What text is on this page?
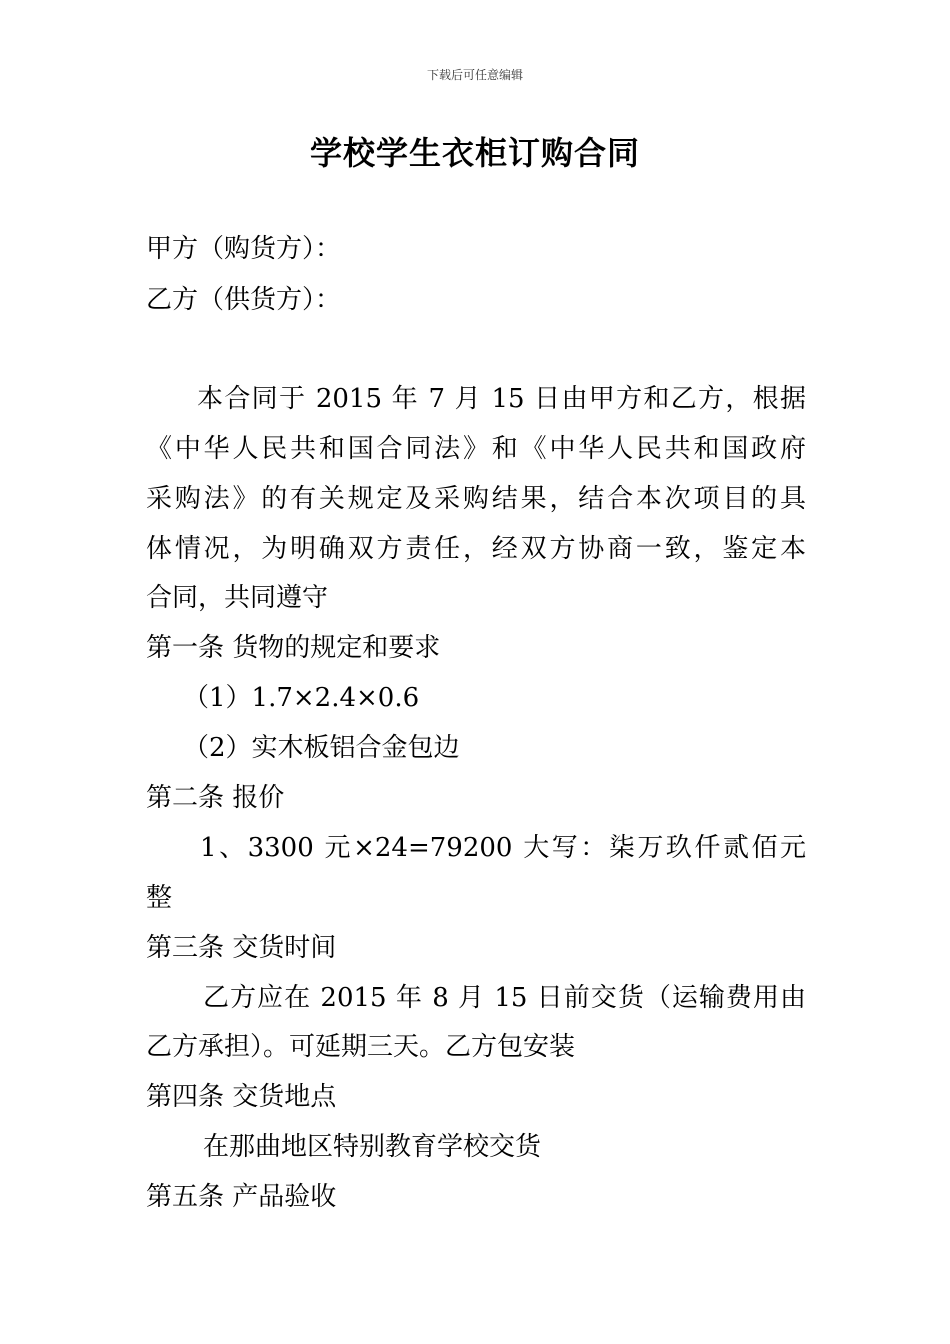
下载后可任意编辑
学校学生衣柜订购合同
甲方（购货方）：
乙方（供货方）：
本合同于 2015 年 7 月 15 日由甲方和乙方，根据
《中华人民共和国合同法》和《中华人民共和国政府
采购法》的有关规定及采购结果，结合本次项目的具
体情况，为明确双方责任，经双方协商一致，鉴定本
合同，共同遵守
第一条 货物的规定和要求
（1）1.7×2.4×0.6
（2）实木板铝合金包边
第二条 报价
1、3300 元×24=79200 大写：柒万玖仟贰佰元
整
第三条 交货时间
乙方应在 2015 年 8 月 15 日前交货（运输费用由
乙方承担）。可延期三天。乙方包安装
第四条 交货地点
在那曲地区特别教育学校交货
第五条 产品验收
